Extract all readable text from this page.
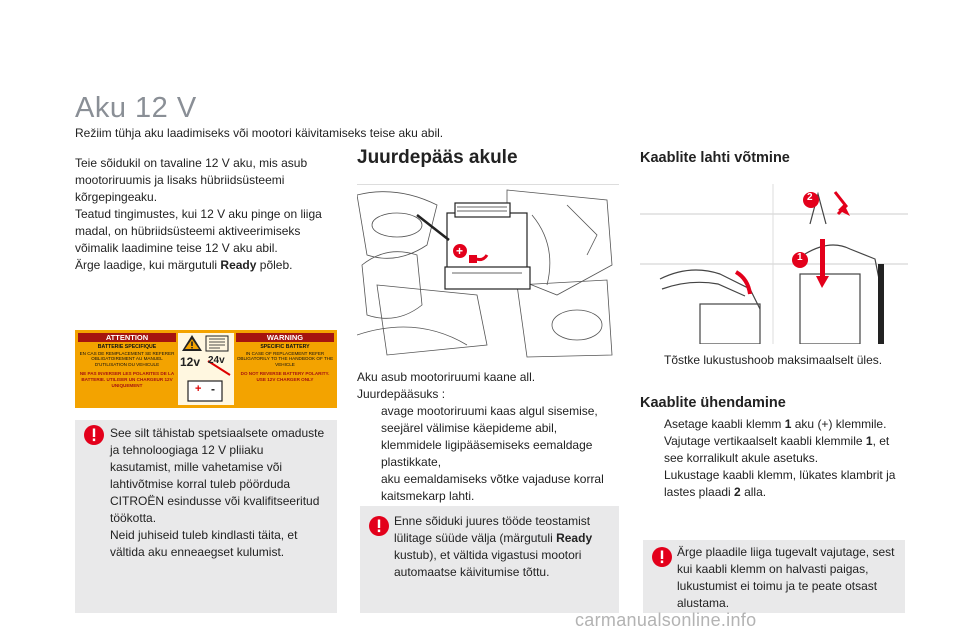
Aku 12 V
Režiim tühja aku laadimiseks või mootori käivitamiseks teise aku abil.

Teie sõidukil on tavaline 12 V aku, mis asub mootoriruumis ja lisaks hübriidsüsteemi kõrgepingeaku.

Teatud tingimustes, kui 12 V aku pinge on liiga madal, on hübriidsüsteemi aktiveerimiseks võimalik laadimine teise 12 V aku abil.

Ärge laadige, kui märgutuli Ready põleb.

ATTENTION	WARNING
BATTERIE SPECIFIQUE
EN CAS DE REMPLACEMENT SE REFERER OBLIGATOIREMENT AU MANUEL D'UTILISATION DU VEHICULE
NE PAS INVERSER LES POLARITES DE LA BATTERIE. UTILISER UN CHARGEUR 12V UNIQUEMENT
SPECIFIC BATTERY
IN CASE OF REPLACEMENT REFER OBLIGATORILY TO THE HANDBOOK OF THE VEHICLE
DO NOT REVERSE BATTERY POLARITY. USE 12V CHARGER ONLY
12v 24v
+ -
See silt tähistab spetsiaalsete omaduste ja tehnoloogiaga 12 V pliiaku kasutamist, mille vahetamise või lahtivõtmise korral tuleb pöörduda CITROËN esindusse või kvalifitseeritud töökotta.
Neid juhiseid tuleb kindlasti täita, et vältida aku enneaegset kulumist.
Juurdepääs akule
+
Aku asub mootoriruumi kaane all.
Juurdepääsuks :
avage mootoriruumi kaas algul sisemise, seejärel välimise käepideme abil,
klemmidele ligipääsemiseks eemaldage plastikkate,
aku eemaldamiseks võtke vajaduse korral kaitsmekarp lahti.
Enne sõiduki juures tööde teostamist lülitage süüde välja (märgutuli Ready kustub), et vältida vigastusi mootori automaatse käivitumise tõttu.
Kaablite lahti võtmine
2
1
Tõstke lukustushoob maksimaalselt üles.
Kaablite ühendamine
Asetage kaabli klemm 1 aku (+) klemmile.
Vajutage vertikaalselt kaabli klemmile 1, et see korralikult akule asetuks.
Lukustage kaabli klemm, lükates klambrit ja lastes plaadi 2 alla.
Ärge plaadile liiga tugevalt vajutage, sest kui kaabli klemm on halvasti paigas, lukustumist ei toimu ja te peate otsast alustama.
carmanualsonline.info
